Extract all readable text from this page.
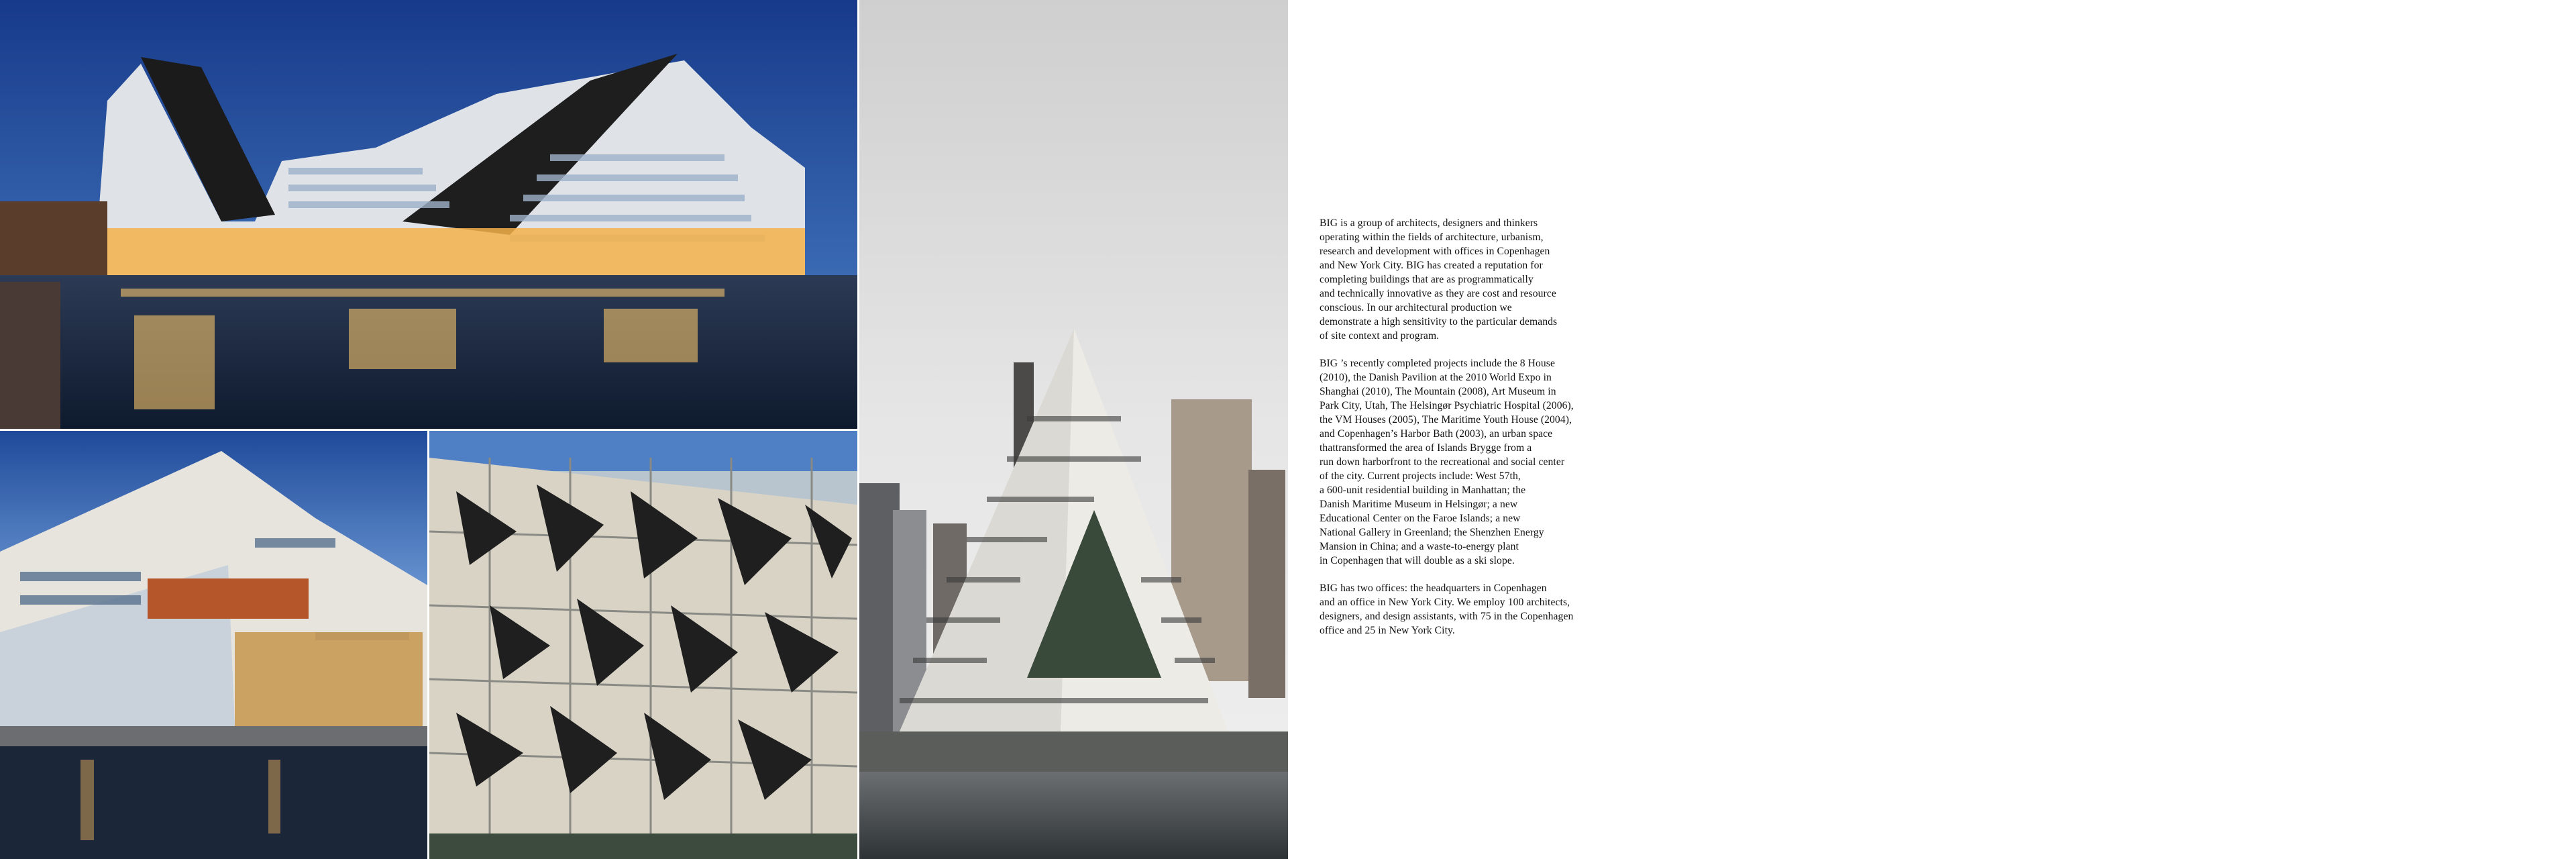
BIG is a group of architects, designers and thinkers
operating within the fields of architecture, urbanism,
research and development with offices in Copenhagen
and New York City. BIG has created a reputation for
completing buildings that are as programmatically
and technically innovative as they are cost and resource
conscious. In our architectural production we
demonstrate a high sensitivity to the particular demands
of site context and program.

BIG ’s recently completed projects include the 8 House
(2010), the Danish Pavilion at the 2010 World Expo in
Shanghai (2010), The Mountain (2008), Art Museum in
Park City, Utah, The Helsingør Psychiatric Hospital (2006),
the VM Houses (2005), The Maritime Youth House (2004),
and Copenhagen’s Harbor Bath (2003), an urban space
thattransformed the area of Islands Brygge from a
run down harborfront to the recreational and social center
of the city. Current projects include: West 57th,
a 600-unit residential building in Manhattan; the
Danish Maritime Museum in Helsingør; a new
Educational Center on the Faroe Islands; a new
National Gallery in Greenland; the Shenzhen Energy
Mansion in China; and a waste-to-energy plant
in Copenhagen that will double as a ski slope.

BIG has two offices: the headquarters in Copenhagen
and an office in New York City. We employ 100 architects,
designers, and design assistants, with 75 in the Copenhagen
office and 25 in New York City.
